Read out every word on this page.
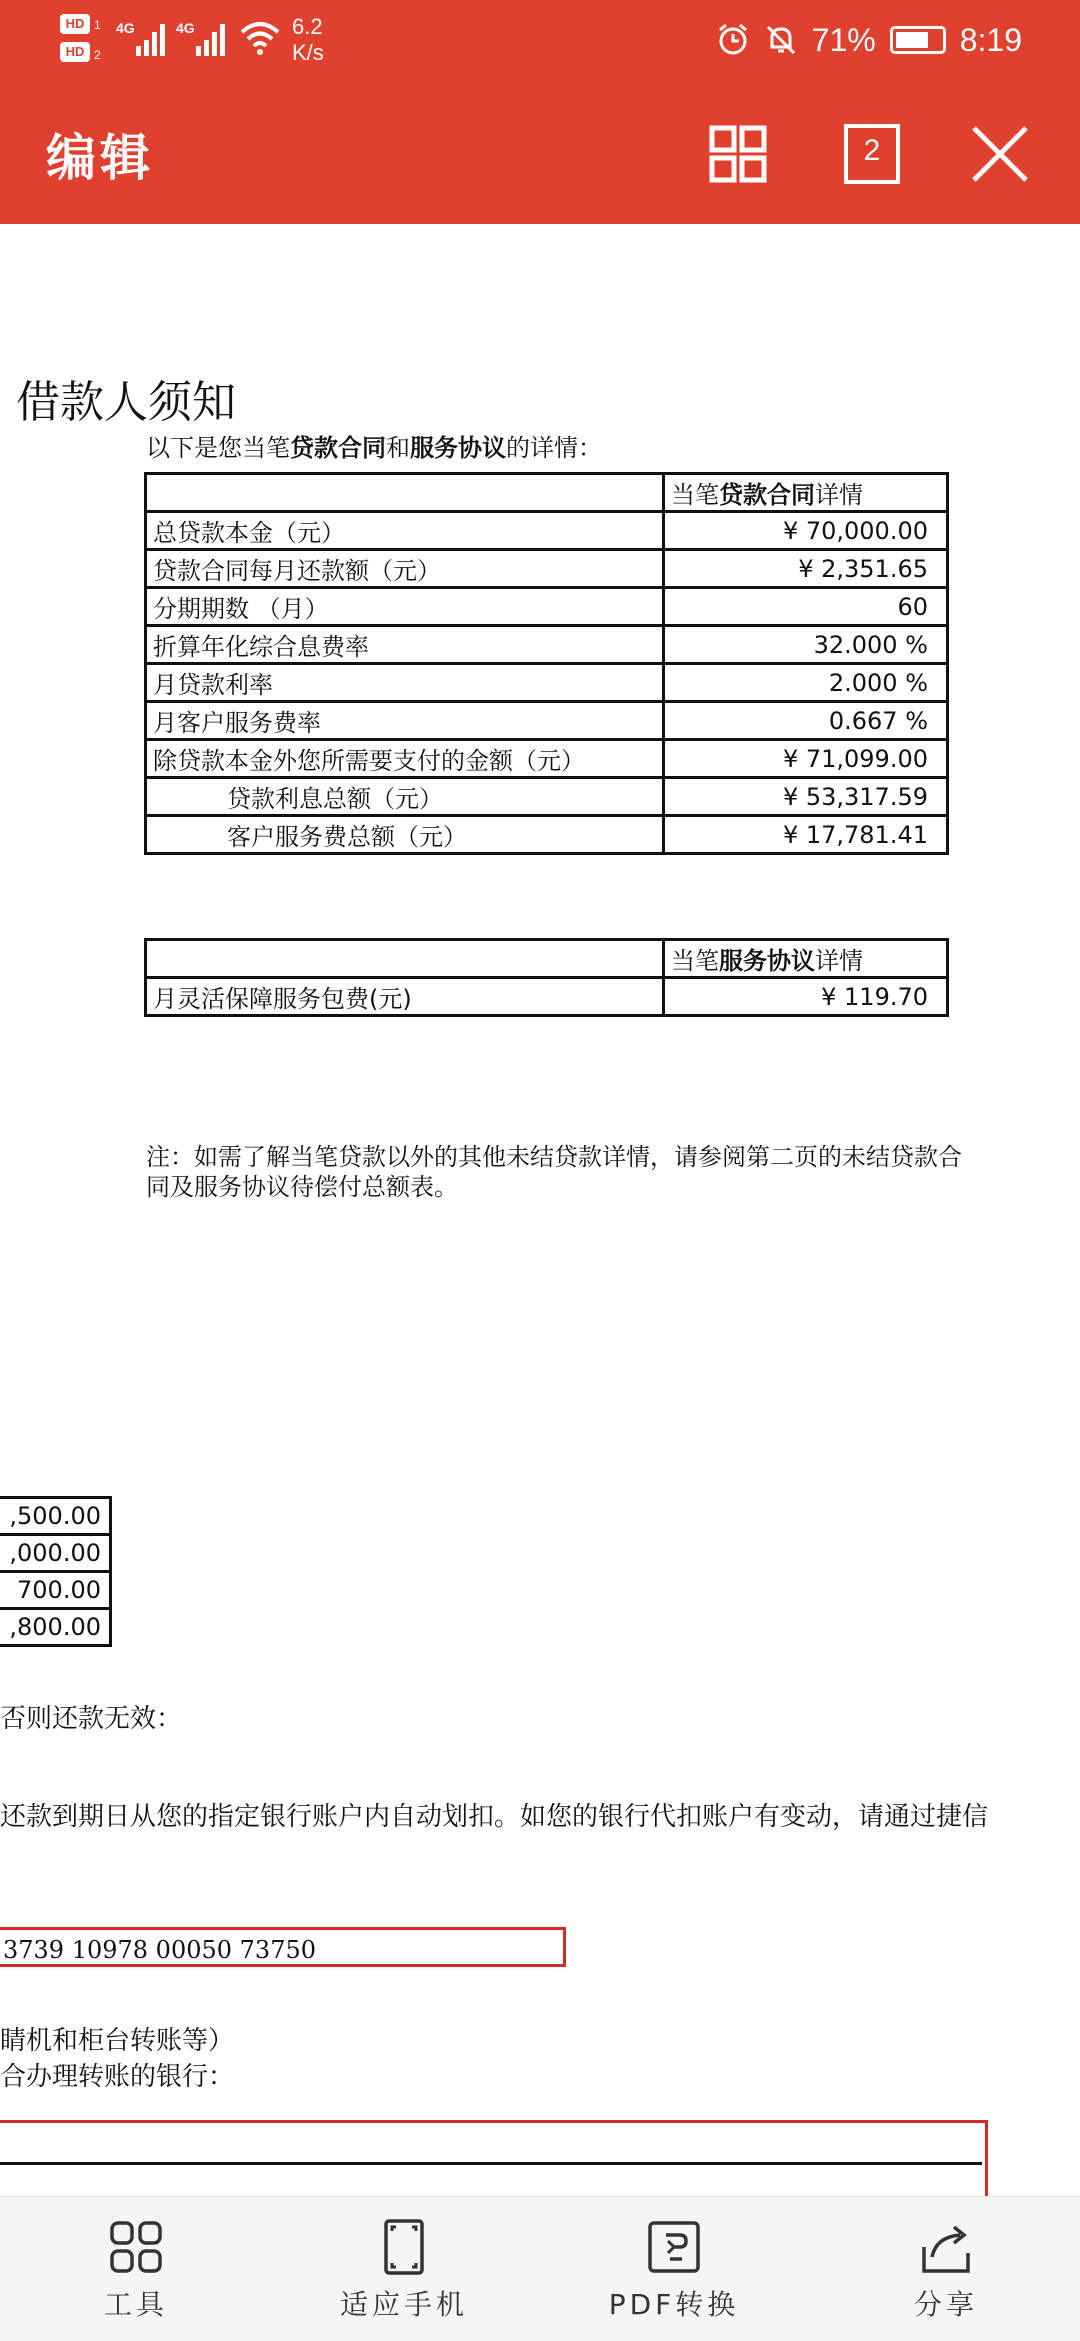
HD 1
HD 2
4G	4G	6.2
K/s	71%	8:19
编辑	2
借款人须知
以下是您当笔贷款合同和服务协议的详情：
	当笔贷款合同详情
总贷款本金（元）	¥ 70,000.00
贷款合同每月还款额（元）	¥ 2,351.65
分期期数 （月）	60
折算年化综合息费率	32.000 %
月贷款利率	2.000 %
月客户服务费率	0.667 %
除贷款本金外您所需要支付的金额（元）	¥ 71,099.00
贷款利息总额（元）	¥ 53,317.59
客户服务费总额（元）	¥ 17,781.41
	当笔服务协议详情
月灵活保障服务包费(元)	¥ 119.70
注：如需了解当笔贷款以外的其他未结贷款详情，请参阅第二页的未结贷款合同及服务协议待偿付总额表。
,500.00
,000.00
700.00
,800.00
否则还款无效：
还款到期日从您的指定银行账户内自动划扣。如您的银行代扣账户有变动，请通过捷信
3739 10978 00050 73750
睛机和柜台转账等）
合办理转账的银行：
工具	适应手机	PDF转换	分享
